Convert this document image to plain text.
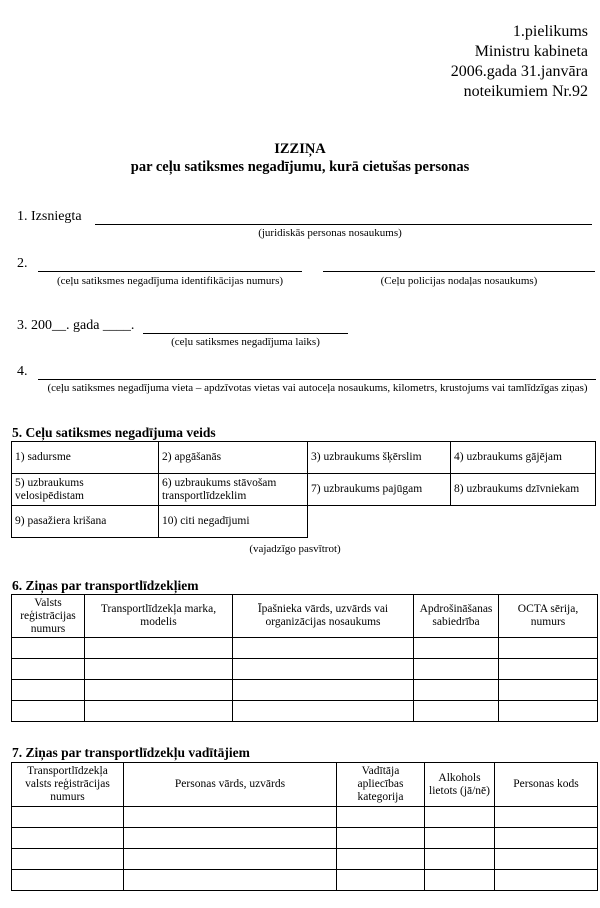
1.pielikums
Ministru kabineta
2006.gada 31.janvāra
noteikumiem Nr.92
IZZIŅA
par ceļu satiksmes negadījumu, kurā cietušas personas
1. Izsniegta
(juridiskās personas nosaukums)
2.
(ceļu satiksmes negadījuma identifikācijas numurs)	(Ceļu policijas nodaļas nosaukums)
3. 200__. gada ____.
(ceļu satiksmes negadījuma laiks)
4.
(ceļu satiksmes negadījuma vieta – apdzīvotas vietas vai autoceļa nosaukums, kilometrs, krustojums vai tamlīdzīgas ziņas)
5. Ceļu satiksmes negadījuma veids
1) sadursme	2) apgāšanās	3) uzbraukums šķērslim	4) uzbraukums gājējam
5) uzbraukums velosipēdistam	6) uzbraukums stāvošam transportlīdzeklim	7) uzbraukums pajūgam	8) uzbraukums dzīvniekam
9) pasažiera krišana	10) citi negadījumi		
(vajadzīgo pasvītrot)
6. Ziņas par transportlīdzekļiem
Valsts reģistrācijas numurs	Transportlīdzekļa marka, modelis	Īpašnieka vārds, uzvārds vai organizācijas nosaukums	Apdrošināšanas sabiedrība	OCTA sērija, numurs

7. Ziņas par transportlīdzekļu vadītājiem
Transportlīdzekļa valsts reģistrācijas numurs	Personas vārds, uzvārds	Vadītāja apliecības kategorija	Alkohols lietots (jā/nē)	Personas kods
